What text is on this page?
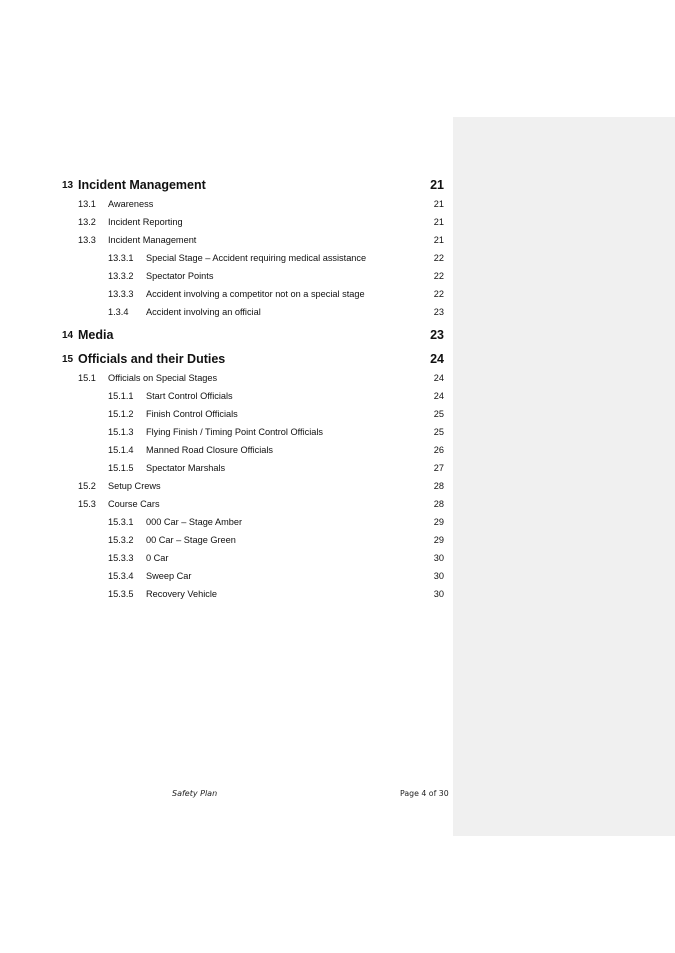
13 Incident Management	21
13.1 Awareness	21
13.2 Incident Reporting	21
13.3 Incident Management	21
13.3.1 Special Stage – Accident requiring medical assistance	22
13.3.2 Spectator Points	22
13.3.3 Accident involving a competitor not on a special stage	22
1.3.4 Accident involving an official	23
14 Media	23
15 Officials and their Duties	24
15.1 Officials on Special Stages	24
15.1.1 Start Control Officials	24
15.1.2 Finish Control Officials	25
15.1.3 Flying Finish / Timing Point Control Officials	25
15.1.4 Manned Road Closure Officials	26
15.1.5 Spectator Marshals	27
15.2 Setup Crews	28
15.3 Course Cars	28
15.3.1 000 Car – Stage Amber	29
15.3.2 00 Car – Stage Green	29
15.3.3 0 Car	30
15.3.4 Sweep Car	30
15.3.5 Recovery Vehicle	30
Safety Plan	Page 4 of 30
